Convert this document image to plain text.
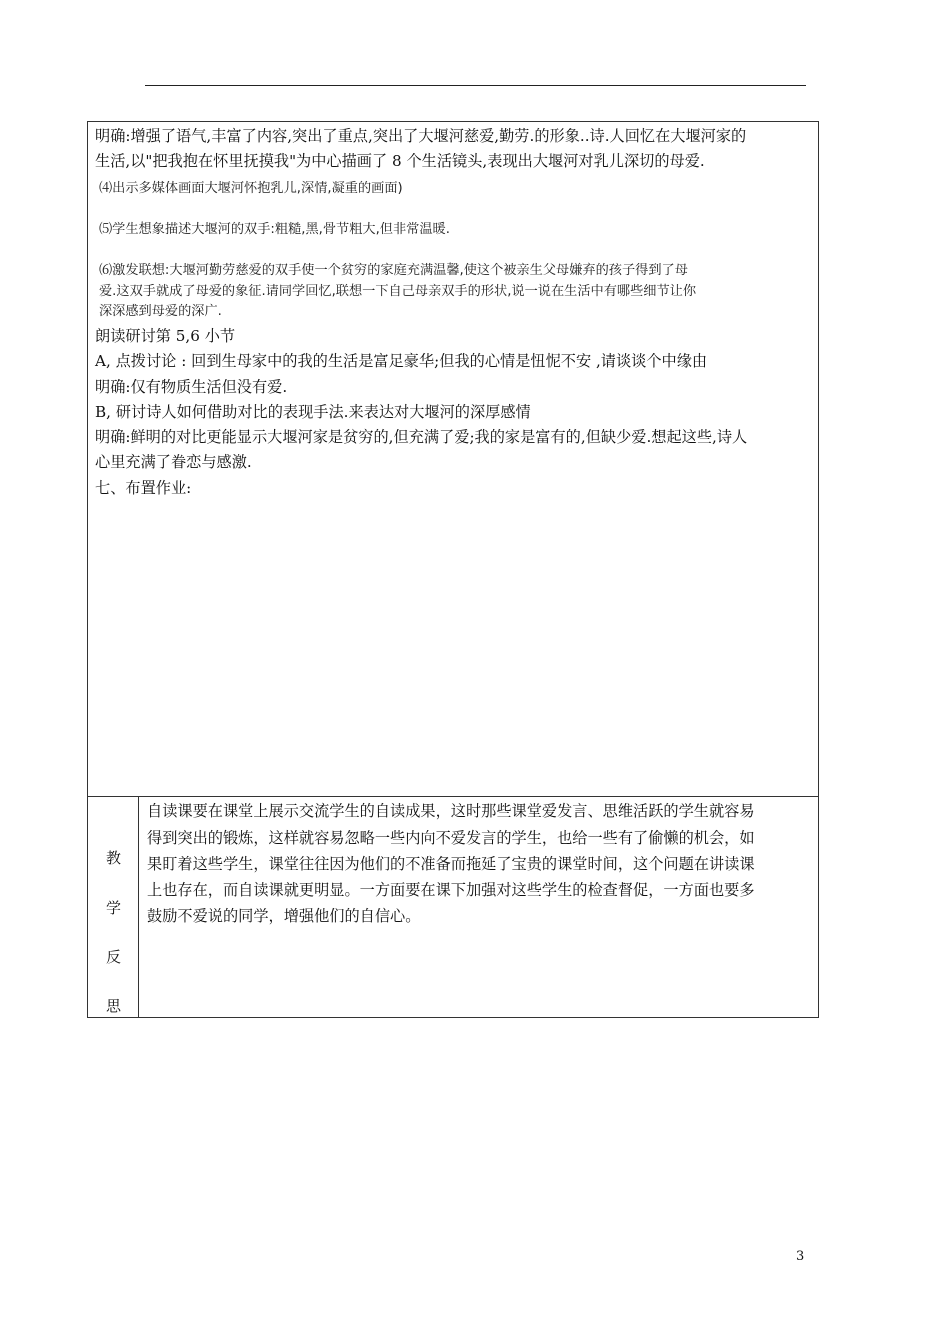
明确:增强了语气,丰富了内容,突出了重点,突出了大堰河慈爱,勤劳.的形象..诗.人回忆在大堰河家的
生活,以"把我抱在怀里抚摸我"为中心描画了 8 个生活镜头,表现出大堰河对乳儿深切的母爱.
⑷出示多媒体画面大堰河怀抱乳儿,深情,凝重的画面)
⑸学生想象描述大堰河的双手:粗糙,黑,骨节粗大,但非常温暖.
⑹激发联想:大堰河勤劳慈爱的双手使一个贫穷的家庭充满温馨,使这个被亲生父母嫌弃的孩子得到了母
爱.这双手就成了母爱的象征.请同学回忆,联想一下自己母亲双手的形状,说一说在生活中有哪些细节让你
深深感到母爱的深广.
朗读研讨第 5,6 小节
A, 点拨讨论 : 回到生母家中的我的生活是富足豪华;但我的心情是忸怩不安 ,请谈谈个中缘由
明确:仅有物质生活但没有爱.
B, 研讨诗人如何借助对比的表现手法.来表达对大堰河的深厚感情
明确:鲜明的对比更能显示大堰河家是贫穷的,但充满了爱;我的家是富有的,但缺少爱.想起这些,诗人
心里充满了眷恋与感激.
七、布置作业:
教
学
反
思
自读课要在课堂上展示交流学生的自读成果，这时那些课堂爱发言、思维活跃的学生就容易
得到突出的锻炼，这样就容易忽略一些内向不爱发言的学生，也给一些有了偷懒的机会，如
果盯着这些学生，课堂往往因为他们的不准备而拖延了宝贵的课堂时间，这个问题在讲读课
上也存在，而自读课就更明显。一方面要在课下加强对这些学生的检查督促，一方面也要多
鼓励不爱说的同学，增强他们的自信心。
3
